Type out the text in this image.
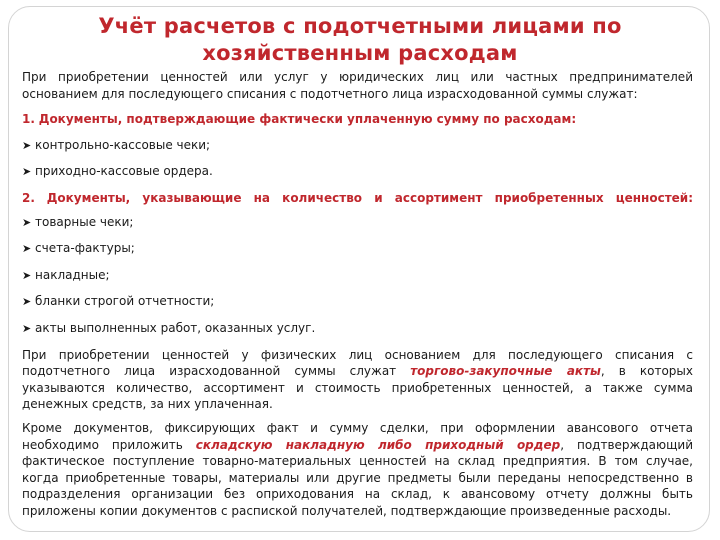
Учёт расчетов с подотчетными лицами по хозяйственным расходам

При приобретении ценностей или услуг у юридических лиц или частных предпринимателей основанием для последующего списания с подотчетного лица израсходованной суммы служат:

1. Документы, подтверждающие фактически уплаченную сумму по расходам:

➤ контрольно-кассовые чеки;
➤ приходно-кассовые ордера.

2. Документы, указывающие на количество и ассортимент приобретенных ценностей:

➤ товарные чеки;
➤ счета-фактуры;
➤ накладные;
➤ бланки строгой отчетности;
➤ акты выполненных работ, оказанных услуг.

При приобретении ценностей у физических лиц основанием для последующего списания с подотчетного лица израсходованной суммы служат торгово-закупочные акты, в которых указываются количество, ассортимент и стоимость приобретенных ценностей, а также сумма денежных средств, за них уплаченная.

Кроме документов, фиксирующих факт и сумму сделки, при оформлении авансового отчета необходимо приложить складскую накладную либо приходный ордер, подтверждающий фактическое поступление товарно-материальных ценностей на склад предприятия. В том случае, когда приобретенные товары, материалы или другие предметы были переданы непосредственно в подразделения организации без оприходования на склад, к авансовому отчету должны быть приложены копии документов с распиской получателей, подтверждающие произведенные расходы.
